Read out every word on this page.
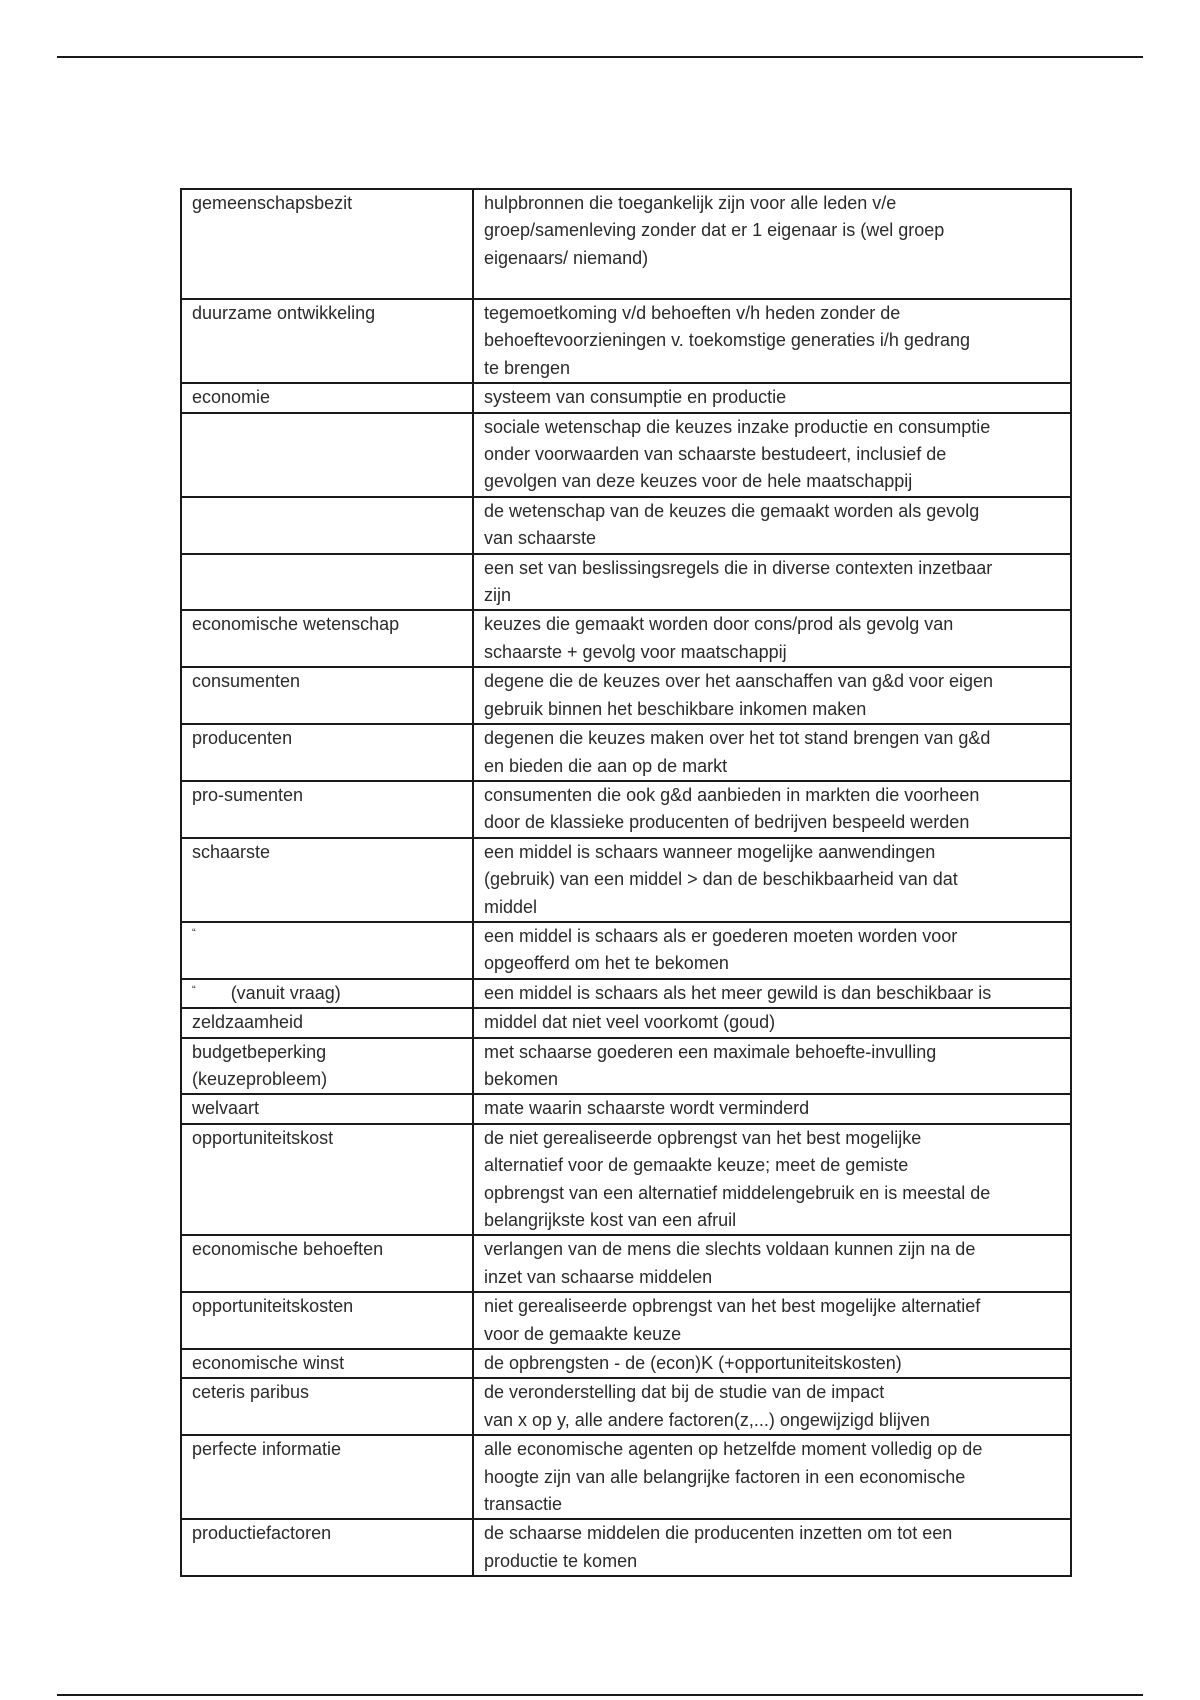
gemeenschapsbezit	hulpbronnen die toegankelijk zijn voor alle leden v/e
groep/samenleving zonder dat er 1 eigenaar is (wel groep
eigenaars/ niemand)
duurzame ontwikkeling	tegemoetkoming v/d behoeften v/h heden zonder de
behoeftevoorzieningen v. toekomstige generaties i/h gedrang
te brengen
economie	systeem van consumptie en productie
	sociale wetenschap die keuzes inzake productie en consumptie
onder voorwaarden van schaarste bestudeert, inclusief de
gevolgen van deze keuzes voor de hele maatschappij
	de wetenschap van de keuzes die gemaakt worden als gevolg
van schaarste
	een set van beslissingsregels die in diverse contexten inzetbaar
zijn
economische wetenschap	keuzes die gemaakt worden door cons/prod als gevolg van
schaarste + gevolg voor maatschappij
consumenten	degene die de keuzes over het aanschaffen van g&d voor eigen
gebruik binnen het beschikbare inkomen maken
producenten	degenen die keuzes maken over het tot stand brengen van g&d
en bieden die aan op de markt
pro-sumenten	consumenten die ook g&d aanbieden in markten die voorheen
door de klassieke producenten of bedrijven bespeeld werden
schaarste	een middel is schaars wanneer mogelijke aanwendingen
(gebruik) van een middel > dan de beschikbaarheid van dat
middel
“	een middel is schaars als er goederen moeten worden voor
opgeofferd om het te bekomen
“ (vanuit vraag)	een middel is schaars als het meer gewild is dan beschikbaar is
zeldzaamheid	middel dat niet veel voorkomt (goud)
budgetbeperking
(keuzeprobleem)	met schaarse goederen een maximale behoefte-invulling
bekomen
welvaart	mate waarin schaarste wordt verminderd
opportuniteitskost	de niet gerealiseerde opbrengst van het best mogelijke
alternatief voor de gemaakte keuze; meet de gemiste
opbrengst van een alternatief middelengebruik en is meestal de
belangrijkste kost van een afruil
economische behoeften	verlangen van de mens die slechts voldaan kunnen zijn na de
inzet van schaarse middelen
opportuniteitskosten	niet gerealiseerde opbrengst van het best mogelijke alternatief
voor de gemaakte keuze
economische winst	de opbrengsten - de (econ)K (+opportuniteitskosten)
ceteris paribus	de veronderstelling dat bij de studie van de impact
van x op y, alle andere factoren(z,...) ongewijzigd blijven
perfecte informatie	alle economische agenten op hetzelfde moment volledig op de
hoogte zijn van alle belangrijke factoren in een economische
transactie
productiefactoren	de schaarse middelen die producenten inzetten om tot een
productie te komen
